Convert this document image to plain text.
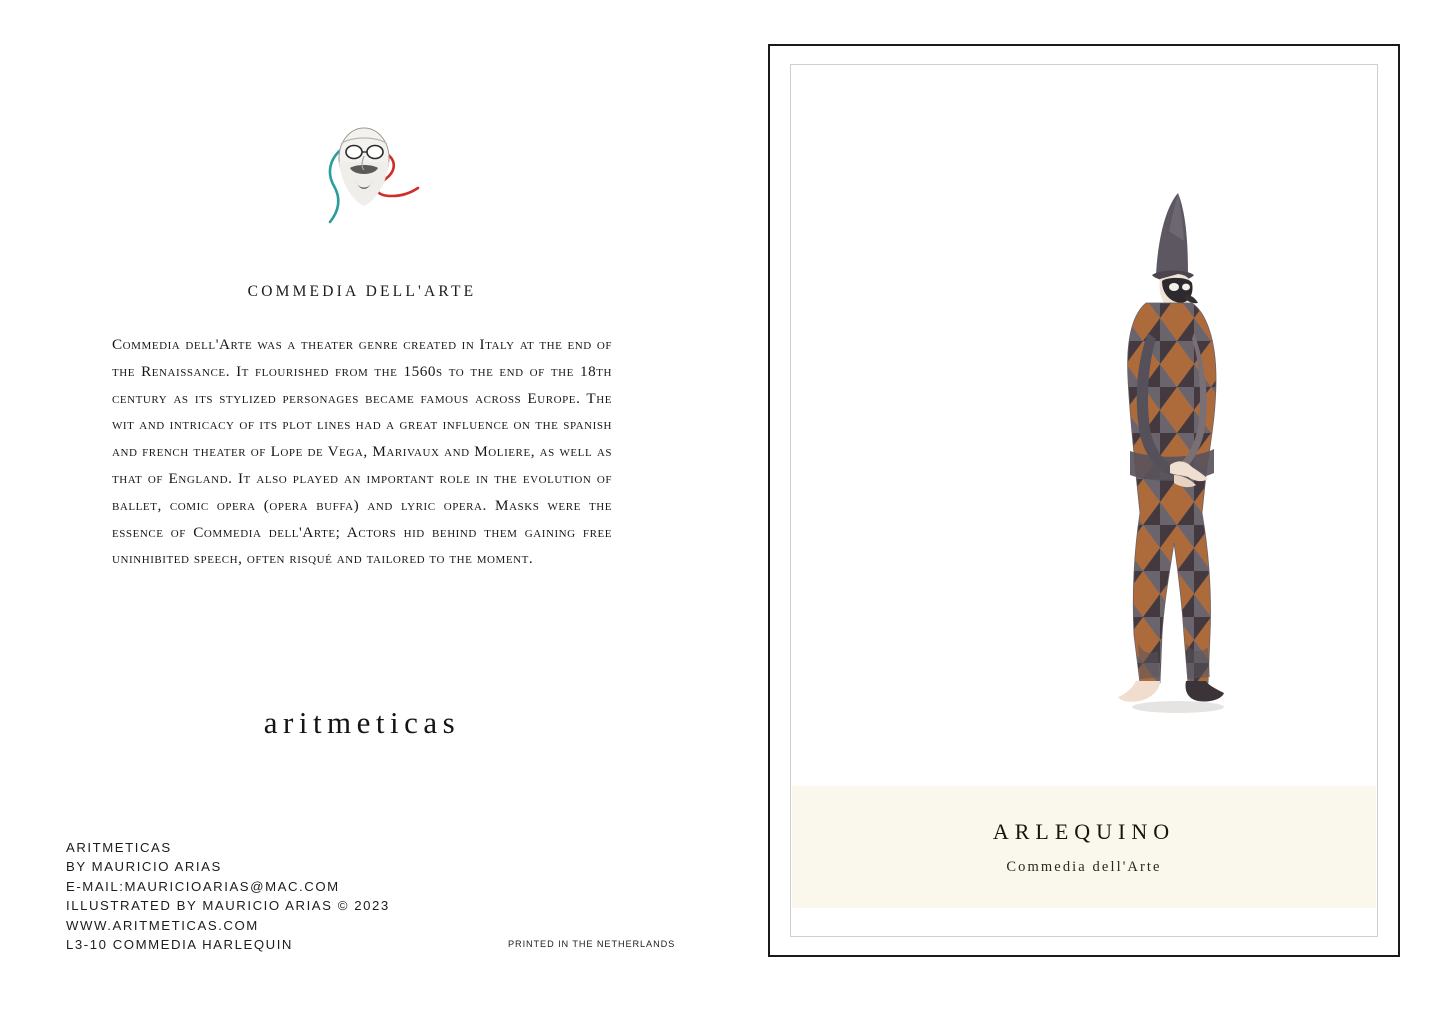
COMMEDIA DELL'ARTE
Commedia dell'Arte was a theater genre created in Italy at the end of the Renaissance. It flourished from the 1560s to the end of the 18th century as its stylized personages became famous across Europe. The wit and intricacy of its plot lines had a great influence on the spanish and french theater of Lope de Vega, Marivaux and Moliere, as well as that of England. It also played an important role in the evolution of ballet, comic opera (opera buffa) and lyric opera. Masks were the essence of Commedia dell'Arte; Actors hid behind them gaining free uninhibited speech, often risqué and tailored to the moment.
aritmeticas
ARITMETICAS
BY MAURICIO ARIAS
E-MAIL:MAURICIOARIAS@MAC.COM
ILLUSTRATED BY MAURICIO ARIAS © 2023
WWW.ARITMETICAS.COM
L3-10 COMMEDIA HARLEQUIN	PRINTED IN THE NETHERLANDS
ARLEQUINO
Commedia dell'Arte
